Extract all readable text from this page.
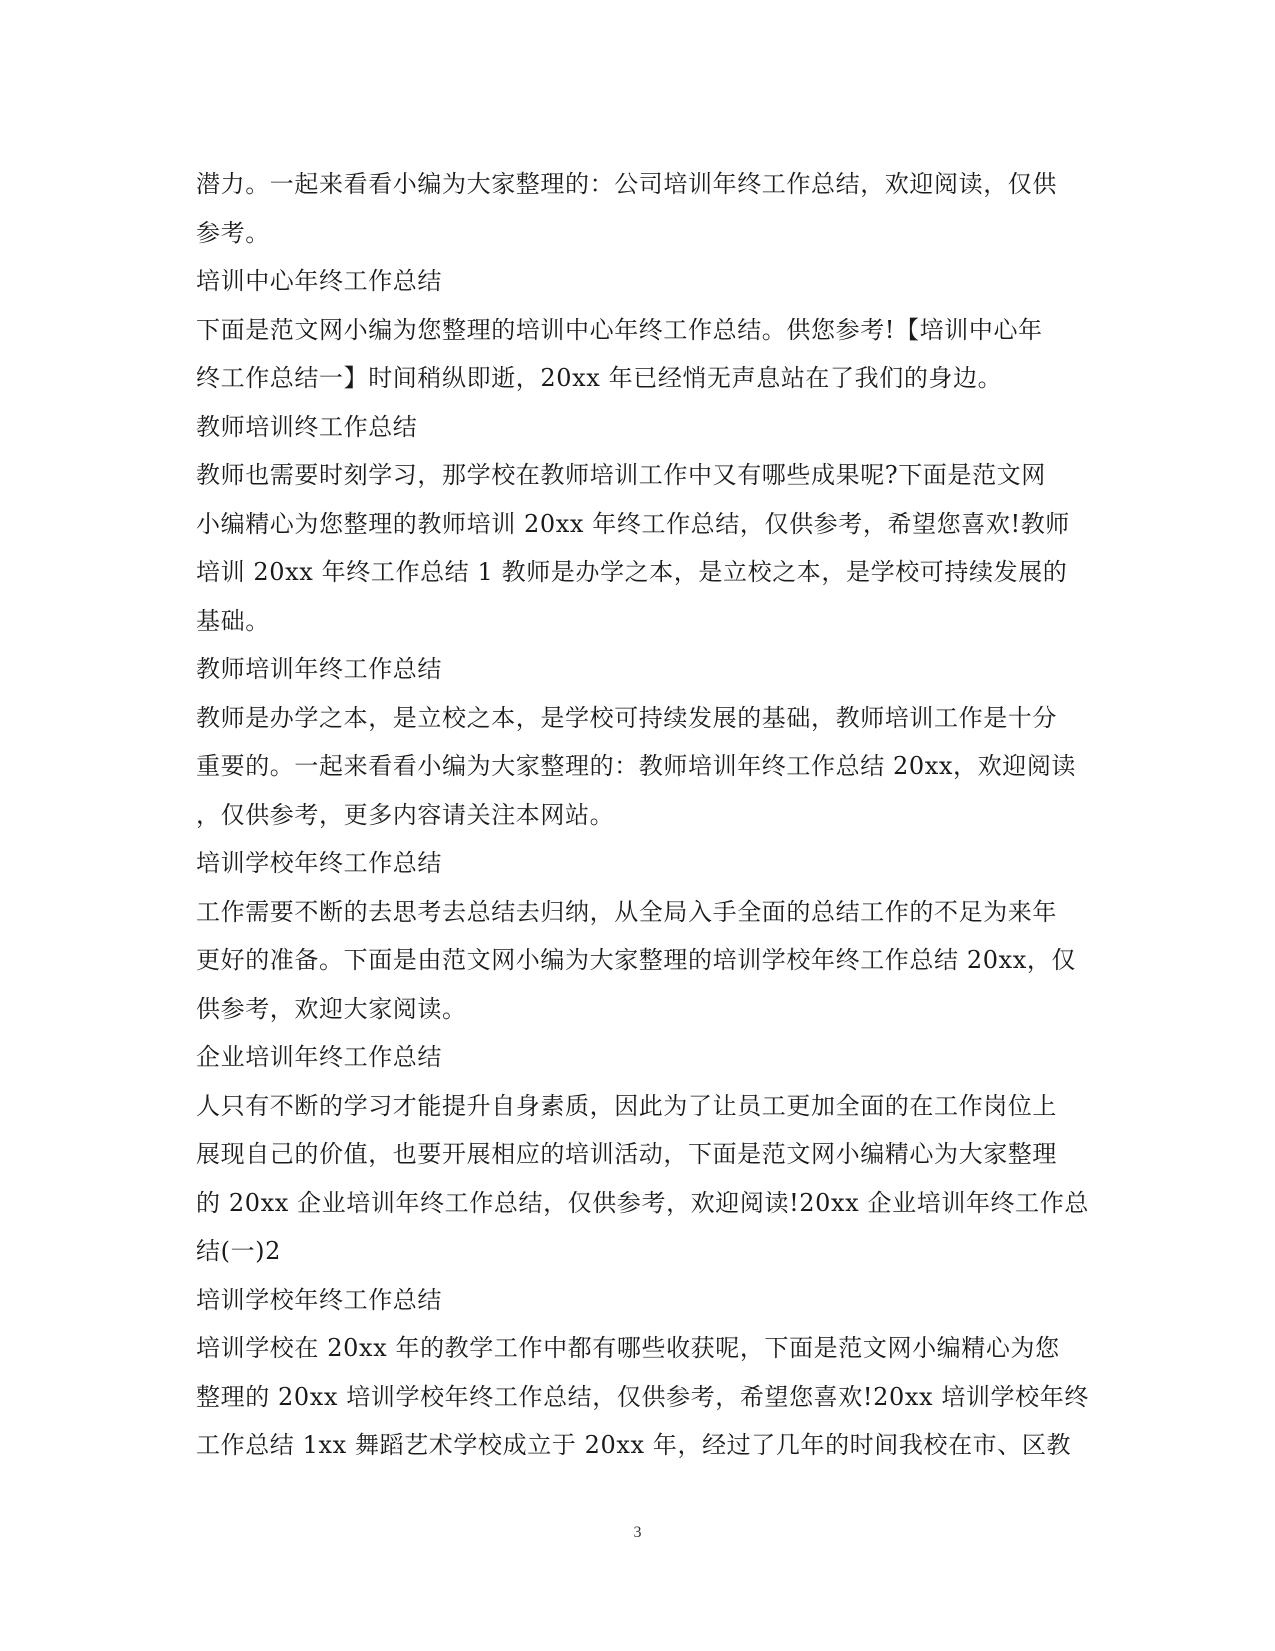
潜力。一起来看看小编为大家整理的：公司培训年终工作总结，欢迎阅读，仅供
参考。
培训中心年终工作总结
下面是范文网小编为您整理的培训中心年终工作总结。供您参考!【培训中心年
终工作总结一】时间稍纵即逝，20xx 年已经悄无声息站在了我们的身边。
教师培训终工作总结
教师也需要时刻学习，那学校在教师培训工作中又有哪些成果呢?下面是范文网
小编精心为您整理的教师培训 20xx 年终工作总结，仅供参考，希望您喜欢!教师
培训 20xx 年终工作总结 1 教师是办学之本，是立校之本，是学校可持续发展的
基础。
教师培训年终工作总结
教师是办学之本，是立校之本，是学校可持续发展的基础，教师培训工作是十分
重要的。一起来看看小编为大家整理的：教师培训年终工作总结 20xx，欢迎阅读
，仅供参考，更多内容请关注本网站。
培训学校年终工作总结
工作需要不断的去思考去总结去归纳，从全局入手全面的总结工作的不足为来年
更好的准备。下面是由范文网小编为大家整理的培训学校年终工作总结 20xx，仅
供参考，欢迎大家阅读。
企业培训年终工作总结
人只有不断的学习才能提升自身素质，因此为了让员工更加全面的在工作岗位上
展现自己的价值，也要开展相应的培训活动，下面是范文网小编精心为大家整理
的 20xx 企业培训年终工作总结，仅供参考，欢迎阅读!20xx 企业培训年终工作总
结(一)2
培训学校年终工作总结
培训学校在 20xx 年的教学工作中都有哪些收获呢，下面是范文网小编精心为您
整理的 20xx 培训学校年终工作总结，仅供参考，希望您喜欢!20xx 培训学校年终
工作总结 1xx 舞蹈艺术学校成立于 20xx 年，经过了几年的时间我校在市、区教
3
